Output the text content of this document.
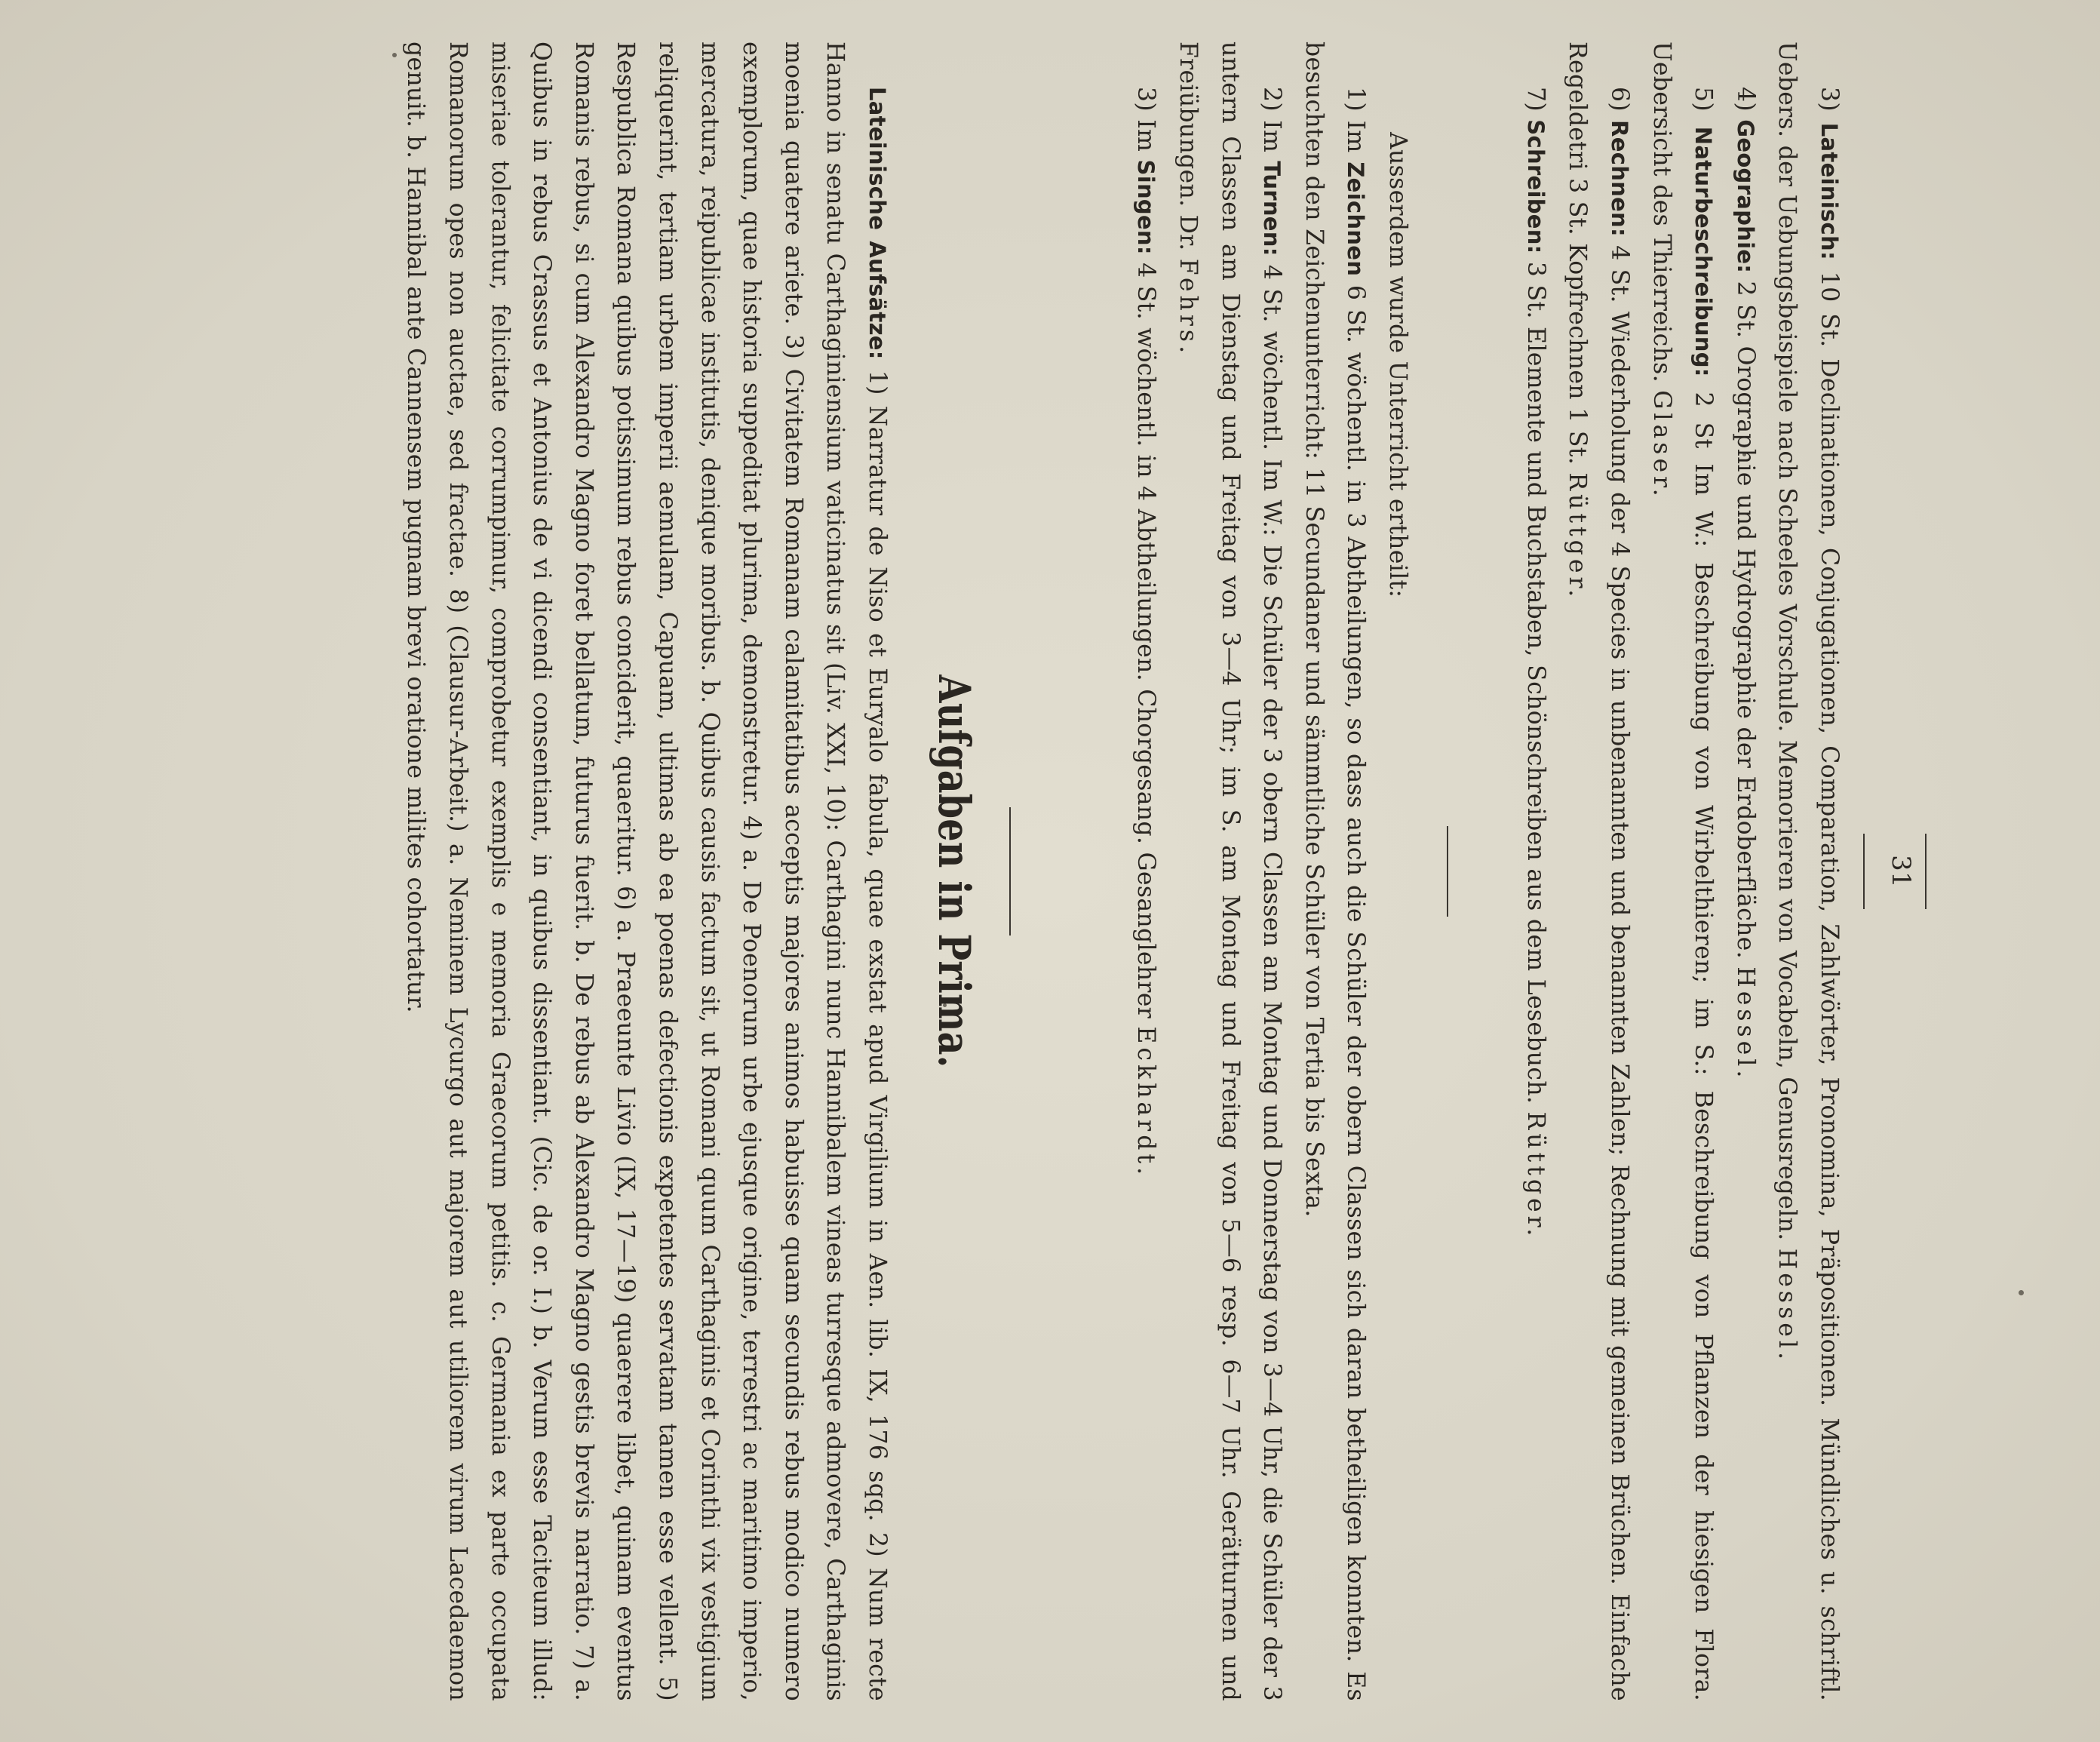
31

3) Lateinisch: 10 St. Declinationen, Conjugationen, Comparation, Zahlwörter, Pronomina, Präpositionen. Mündliches u. schriftl. Uebers. der Uebungsbeispiele nach Scheeles Vorschule. Memorieren von Vocabeln, Genusregeln. Hessel.

4) Geographie: 2 St. Orographie und Hydrographie der Erdoberfläche. Hessel.

5) Naturbeschreibung: 2 St Im W.: Beschreibung von Wirbelthieren; im S.: Beschreibung von Pflanzen der hiesigen Flora. Uebersicht des Thierreichs. Glaser.

6) Rechnen: 4 St. Wiederholung der 4 Species in unbenannten und benannten Zahlen; Rechnung mit gemeinen Brüchen. Einfache Regeldetri 3 St. Kopfrechnen 1 St. Rüttger.

7) Schreiben: 3 St. Elemente und Buchstaben, Schönschreiben aus dem Lesebuch. Rüttger.

Ausserdem wurde Unterricht ertheilt:

1) Im Zeichnen 6 St. wöchentl. in 3 Abtheilungen, so dass auch die Schüler der obern Classen sich daran betheiligen konnten. Es besuchten den Zeichenunterricht: 11 Secundaner und sämmtliche Schüler von Tertia bis Sexta.

2) Im Turnen: 4 St. wöchentl. Im W.: Die Schüler der 3 obern Classen am Montag und Donnerstag von 3—4 Uhr, die Schüler der 3 untern Classen am Dienstag und Freitag von 3—4 Uhr; im S. am Montag und Freitag von 5—6 resp. 6—7 Uhr. Gerätturnen und Freiübungen. Dr. Fehrs.

3) Im Singen: 4 St. wöchentl. in 4 Abtheilungen. Chorgesang. Gesanglehrer Eckhardt.

Aufgaben in Prima.

Lateinische Aufsätze: 1) Narratur de Niso et Euryalo fabula, quae exstat apud Virgilium in Aen. lib. IX, 176 sqq. 2) Num recte Hanno in senatu Carthaginiensium vaticinatus sit (Liv. XXI, 10): Carthagini nunc Hannibalem vineas turresque admovere, Carthaginis moenia quatere ariete. 3) Civitatem Romanam calamitatibus acceptis majores animos habuisse quam secundis rebus modico numero exemplorum, quae historia suppeditat plurima, demonstretur. 4) a. De Poenorum urbe ejusque origine, terrestri ac maritimo imperio, mercatura, reipublicae institutis, denique moribus. b. Quibus causis factum sit, ut Romani quum Carthaginis et Corinthi vix vestigium reliquerint, tertiam urbem imperii aemulam, Capuam, ultimas ab ea poenas defectionis expetentes servatam tamen esse vellent. 5) Respublica Romana quibus potissimum rebus conciderit, quaeritur. 6) a. Praeeunte Livio (IX, 17—19) quaerere libet, quinam eventus Romanis rebus, si cum Alexandro Magno foret bellatum, futurus fuerit. b. De rebus ab Alexandro Magno gestis brevis narratio. 7) a. Quibus in rebus Crassus et Antonius de vi dicendi consentiant, in quibus dissentiant. (Cic. de or. I.) b. Verum esse Taciteum illud: miseriae tolerantur, felicitate corrumpimur, comprobetur exemplis e memoria Graecorum petitis. c. Germania ex parte occupata Romanorum opes non auctae, sed fractae. 8) (Clausur-Arbeit.) a. Neminem Lycurgo aut majorem aut utiliorem virum Lacedaemon genuit. b. Hannibal ante Cannensem pugnam brevi oratione milites cohortatur.
